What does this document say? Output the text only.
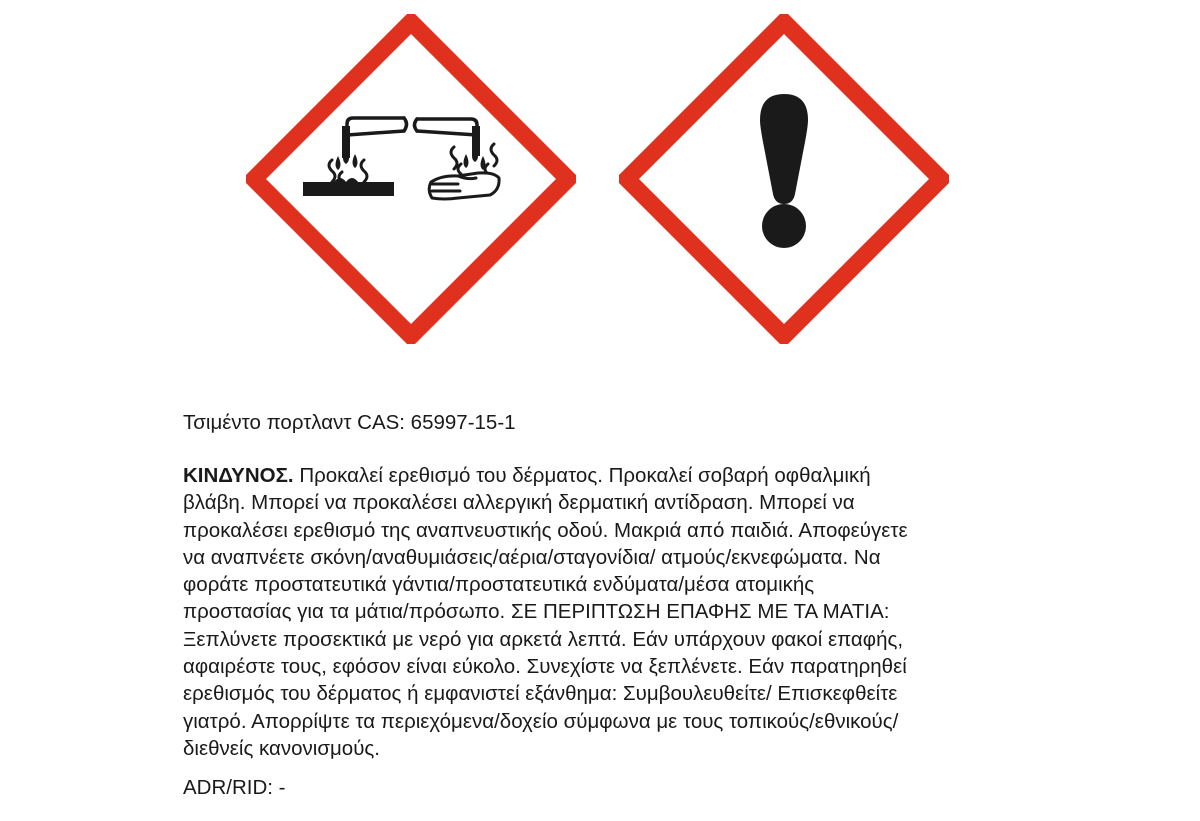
Τσιμέντο πορτλαντ CAS: 65997-15-1
ΚΙΝΔΥΝΟΣ. Προκαλεί ερεθισμό του δέρματος. Προκαλεί σοβαρή οφθαλμική
βλάβη. Μπορεί να προκαλέσει αλλεργική δερματική αντίδραση. Μπορεί να
προκαλέσει ερεθισμό της αναπνευστικής οδού. Μακριά από παιδιά. Αποφεύγετε
να αναπνέετε σκόνη/αναθυμιάσεις/αέρια/σταγονίδια/ ατμούς/εκνεφώματα. Να
φοράτε προστατευτικά γάντια/προστατευτικά ενδύματα/μέσα ατομικής
προστασίας για τα μάτια/πρόσωπο. ΣΕ ΠΕΡΙΠΤΩΣΗ ΕΠΑΦΗΣ ΜΕ ΤΑ ΜΑΤΙΑ:
Ξεπλύνετε προσεκτικά με νερό για αρκετά λεπτά. Εάν υπάρχουν φακοί επαφής,
αφαιρέστε τους, εφόσον είναι εύκολο. Συνεχίστε να ξεπλένετε. Εάν παρατηρηθεί
ερεθισμός του δέρματος ή εμφανιστεί εξάνθημα: Συμβουλευθείτε/ Επισκεφθείτε
γιατρό. Απορρίψτε τα περιεχόμενα/δοχείο σύμφωνα με τους τοπικούς/εθνικούς/
διεθνείς κανονισμούς.
ADR/RID: -
